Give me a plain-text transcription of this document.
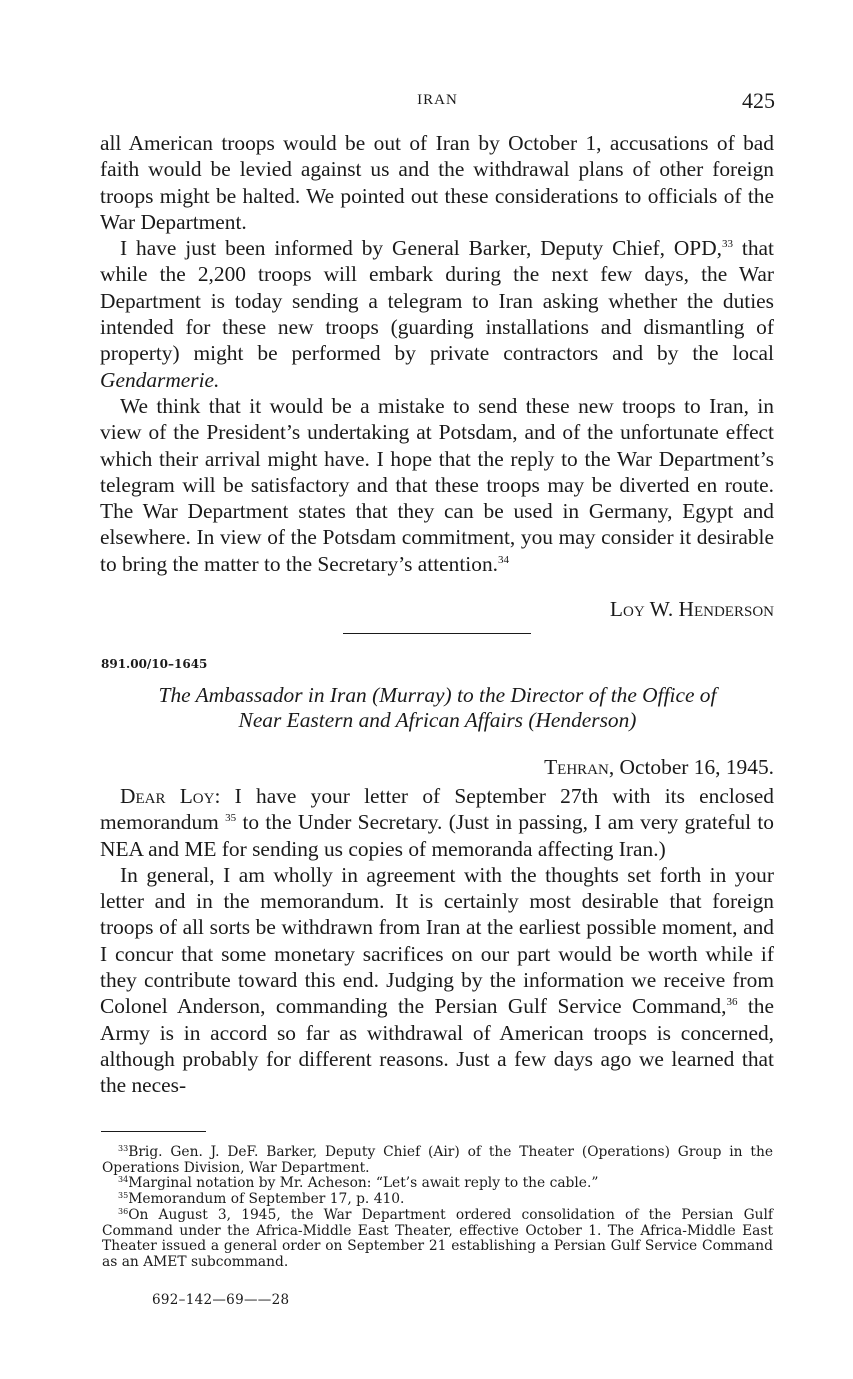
IRAN	425

all American troops would be out of Iran by October 1, accusations of bad faith would be levied against us and the withdrawal plans of other foreign troops might be halted. We pointed out these considerations to officials of the War Department.

I have just been informed by General Barker, Deputy Chief, OPD,$^{33}$ that while the 2,200 troops will embark during the next few days, the War Department is today sending a telegram to Iran asking whether the duties intended for these new troops (guarding installations and dismantling of property) might be performed by private contractors and by the local Gendarmerie.

We think that it would be a mistake to send these new troops to Iran, in view of the President’s undertaking at Potsdam, and of the unfortunate effect which their arrival might have. I hope that the reply to the War Department’s telegram will be satisfactory and that these troops may be diverted en route. The War Department states that they can be used in Germany, Egypt and elsewhere. In view of the Potsdam commitment, you may consider it desirable to bring the matter to the Secretary’s attention.$^{34}$

Loy W. Henderson
891.00/10–1645
The Ambassador in Iran (Murray) to the Director of the Office of
Near Eastern and African Affairs (Henderson)
Tehran, October 16, 1945.

Dear Loy: I have your letter of September 27th with its enclosed memorandum $^{35}$ to the Under Secretary. (Just in passing, I am very grateful to NEA and ME for sending us copies of memoranda affecting Iran.)

In general, I am wholly in agreement with the thoughts set forth in your letter and in the memorandum. It is certainly most desirable that foreign troops of all sorts be withdrawn from Iran at the earliest possible moment, and I concur that some monetary sacrifices on our part would be worth while if they contribute toward this end. Judging by the information we receive from Colonel Anderson, commanding the Persian Gulf Service Command,$^{36}$ the Army is in accord so far as withdrawal of American troops is concerned, although probably for different reasons. Just a few days ago we learned that the neces-

$^{33}$Brig. Gen. J. DeF. Barker, Deputy Chief (Air) of the Theater (Operations) Group in the Operations Division, War Department.

$^{34}$Marginal notation by Mr. Acheson: “Let’s await reply to the cable.”

$^{35}$Memorandum of September 17, p. 410.

$^{36}$On August 3, 1945, the War Department ordered consolidation of the Persian Gulf Command under the Africa-Middle East Theater, effective October 1. The Africa-Middle East Theater issued a general order on September 21 establishing a Persian Gulf Service Command as an AMET subcommand.

692–142—69——28
